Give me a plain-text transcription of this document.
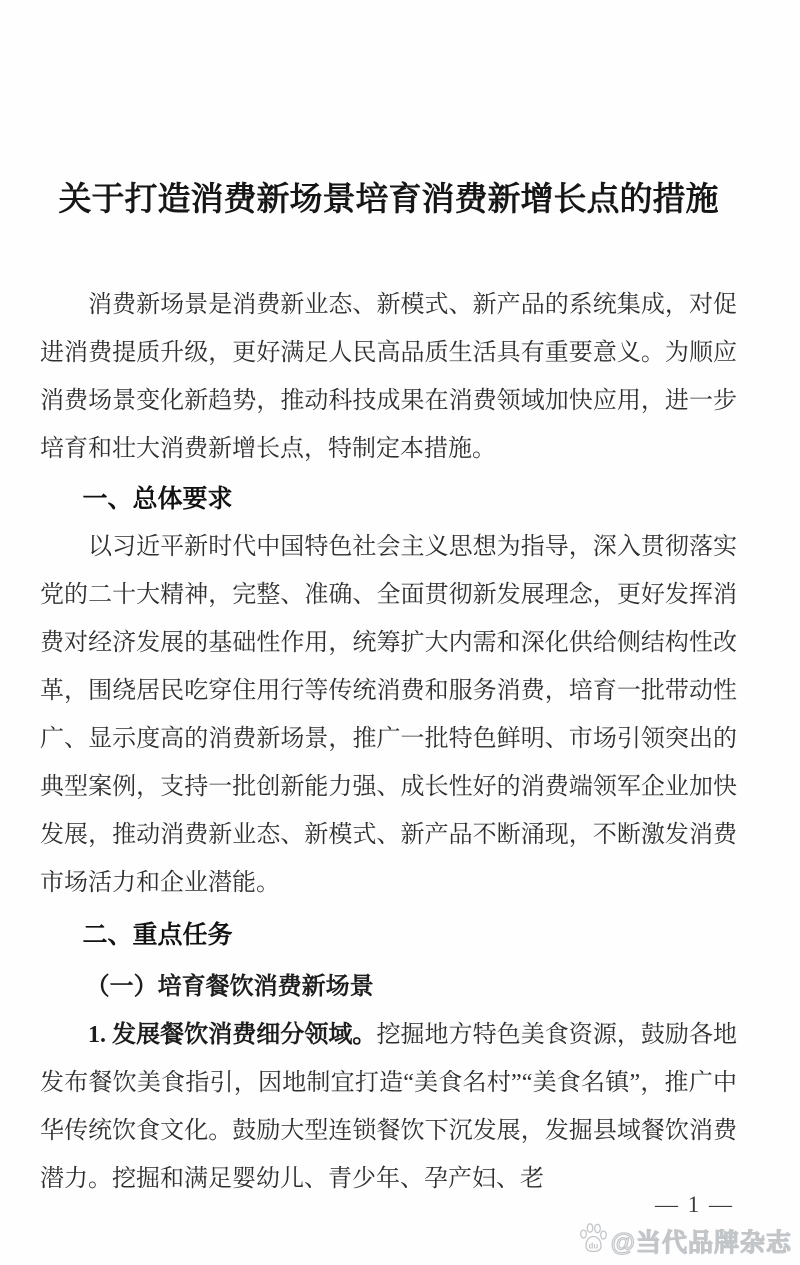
关于打造消费新场景培育消费新增长点的措施

消费新场景是消费新业态、新模式、新产品的系统集成，对促进消费提质升级，更好满足人民高品质生活具有重要意义。为顺应消费场景变化新趋势，推动科技成果在消费领域加快应用，进一步培育和壮大消费新增长点，特制定本措施。

一、总体要求

以习近平新时代中国特色社会主义思想为指导，深入贯彻落实党的二十大精神，完整、准确、全面贯彻新发展理念，更好发挥消费对经济发展的基础性作用，统筹扩大内需和深化供给侧结构性改革，围绕居民吃穿住用行等传统消费和服务消费，培育一批带动性广、显示度高的消费新场景，推广一批特色鲜明、市场引领突出的典型案例，支持一批创新能力强、成长性好的消费端领军企业加快发展，推动消费新业态、新模式、新产品不断涌现，不断激发消费市场活力和企业潜能。

二、重点任务
（一）培育餐饮消费新场景

1. 发展餐饮消费细分领域。挖掘地方特色美食资源，鼓励各地发布餐饮美食指引，因地制宜打造“美食名村”“美食名镇”，推广中华传统饮食文化。鼓励大型连锁餐饮下沉发展，发掘县域餐饮消费潜力。挖掘和满足婴幼儿、青少年、孕产妇、老

— 1 —
du @当代品牌杂志
